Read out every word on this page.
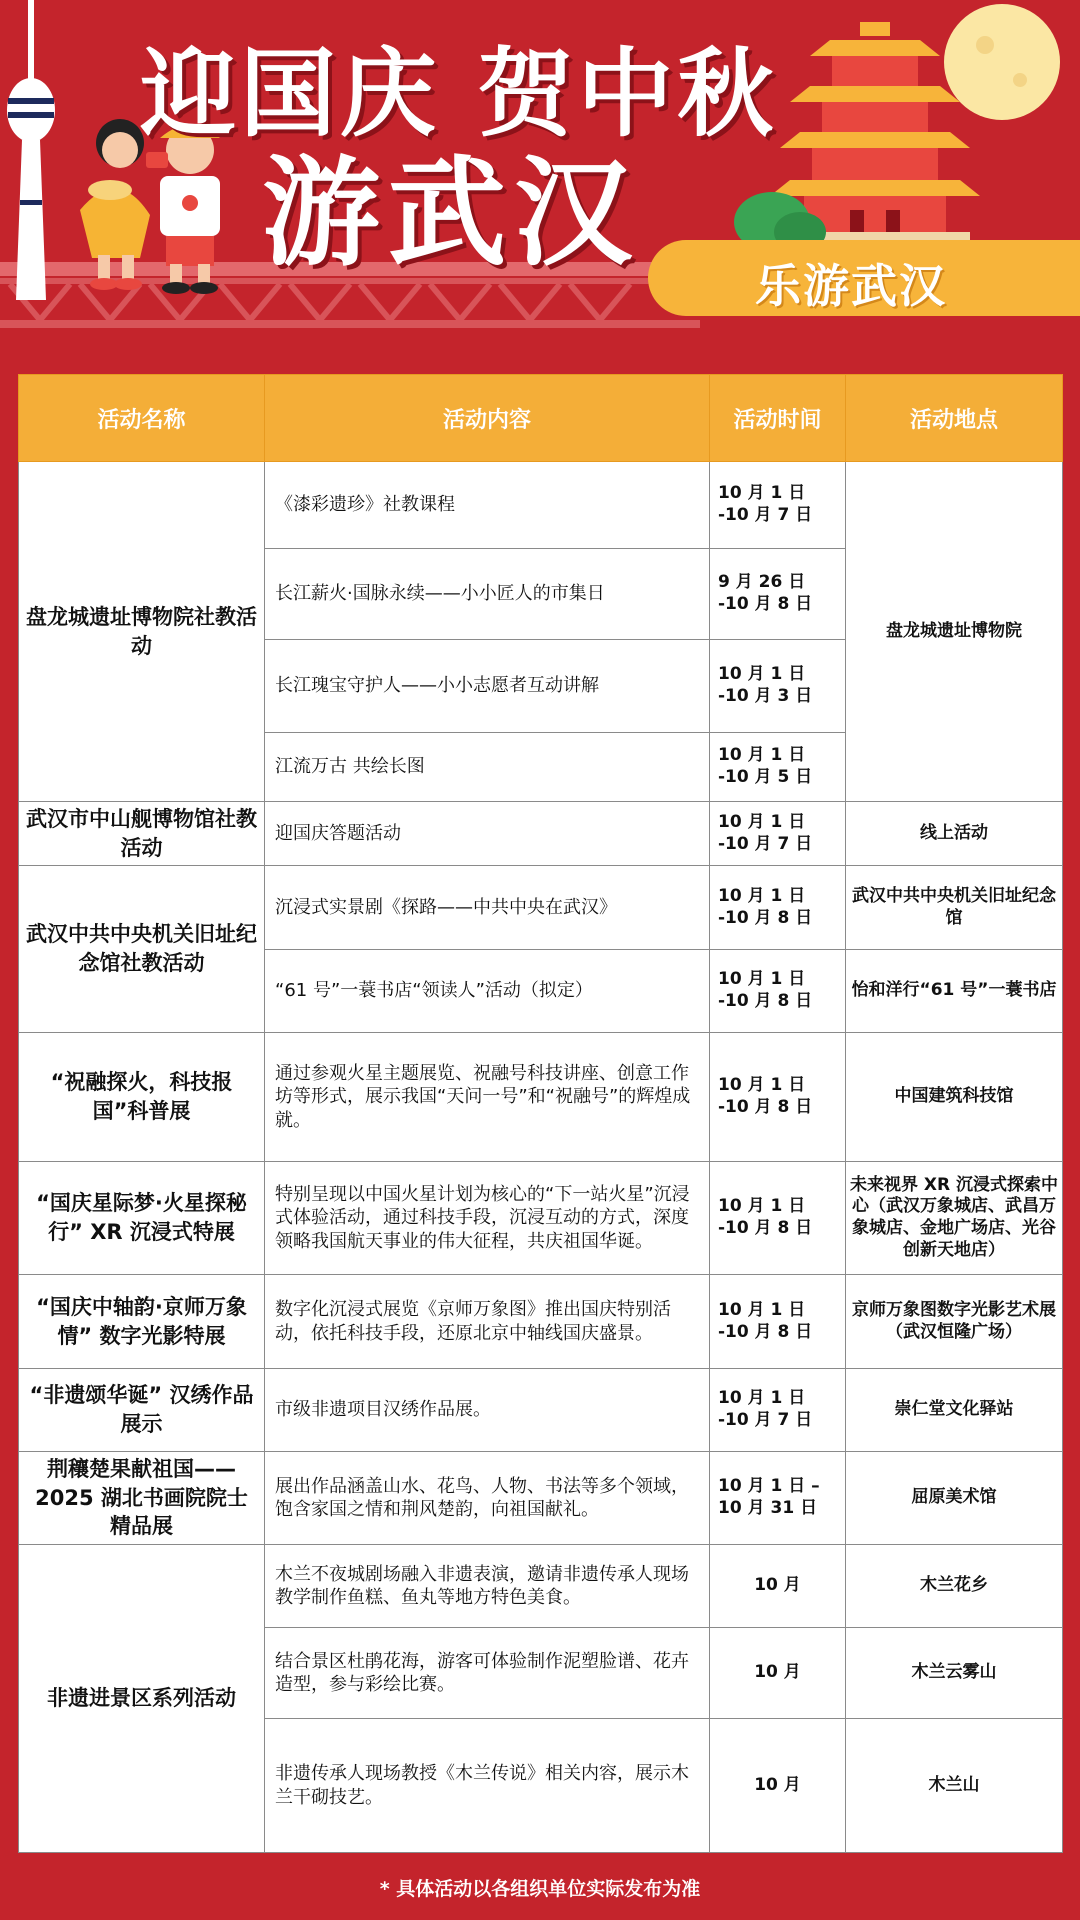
迎国庆 贺中秋
游武汉
乐游武汉
活动名称	活动内容	活动时间	活动地点
盘龙城遗址博物院社教活动	《漆彩遗珍》社教课程	10 月 1 日 -10 月 7 日	盘龙城遗址博物院
	长江薪火·国脉永续——小小匠人的市集日	9 月 26 日 -10 月 8 日	
	长江瑰宝守护人——小小志愿者互动讲解	10 月 1 日 -10 月 3 日	
	江流万古 共绘长图	10 月 1 日 -10 月 5 日	
武汉市中山舰博物馆社教活动	迎国庆答题活动	10 月 1 日 -10 月 7 日	线上活动
武汉中共中央机关旧址纪念馆社教活动	沉浸式实景剧《探路——中共中央在武汉》	10 月 1 日 -10 月 8 日	武汉中共中央机关旧址纪念馆
	“61 号”一蓑书店“领读人”活动（拟定）	10 月 1 日 -10 月 8 日	怡和洋行“61 号”一蓑书店
“祝融探火，科技报国”科普展	通过参观火星主题展览、祝融号科技讲座、创意工作坊等形式，展示我国“天问一号”和“祝融号”的辉煌成就。	10 月 1 日 -10 月 8 日	中国建筑科技馆
“国庆星际梦·火星探秘行” XR 沉浸式特展	特别呈现以中国火星计划为核心的“下一站火星”沉浸式体验活动，通过科技手段，沉浸互动的方式，深度领略我国航天事业的伟大征程，共庆祖国华诞。	10 月 1 日 -10 月 8 日	未来视界 XR 沉浸式探索中心（武汉万象城店、武昌万象城店、金地广场店、光谷创新天地店）
“国庆中轴韵·京师万象情” 数字光影特展	数字化沉浸式展览《京师万象图》推出国庆特别活动，依托科技手段，还原北京中轴线国庆盛景。	10 月 1 日 -10 月 8 日	京师万象图数字光影艺术展（武汉恒隆广场）
“非遗颂华诞” 汉绣作品展示	市级非遗项目汉绣作品展。	10 月 1 日 -10 月 7 日	崇仁堂文化驿站
荆穰楚果献祖国——2025 湖北书画院院士精品展	展出作品涵盖山水、花鸟、人物、书法等多个领域，饱含家国之情和荆风楚韵，向祖国献礼。	10 月 1 日 –10 月 31 日	屈原美术馆
非遗进景区系列活动	木兰不夜城剧场融入非遗表演，邀请非遗传承人现场教学制作鱼糕、鱼丸等地方特色美食。	10 月	木兰花乡
	结合景区杜鹃花海，游客可体验制作泥塑脸谱、花卉造型，参与彩绘比赛。	10 月	木兰云雾山
	非遗传承人现场教授《木兰传说》相关内容，展示木兰干砌技艺。	10 月	木兰山
* 具体活动以各组织单位实际发布为准
